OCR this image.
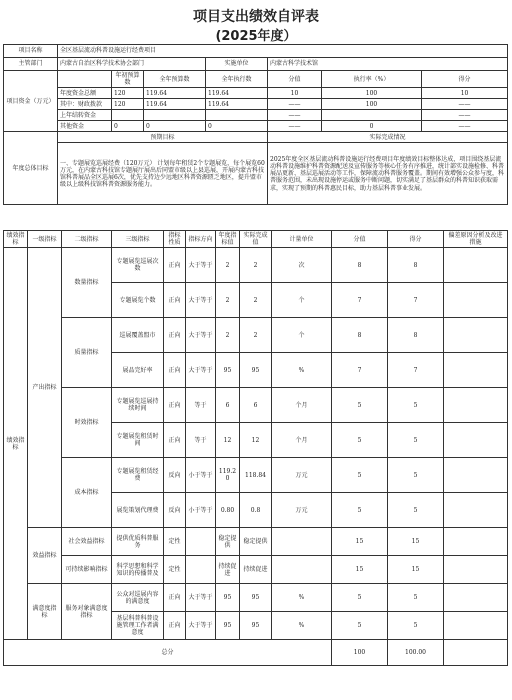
项目支出绩效自评表
(2025年度）
项目名称	全区基层流动科普设施运行经费项目						
主管部门	内蒙古自治区科学技术协会部门			实施单位	内蒙古科学技术馆		
项目资金（万元）		年初预算数	全年预算数	全年执行数	分值	执行率（%）	得分
	年度资金总额	120	119.64	119.64	10	100	10
	其中：财政拨款	120	119.64	119.64	——	100	——
	上年结转资金				——		——
	其他资金	0	0	0	——	0	——
年度总体目标	预期目标				实际完成情况		
	一、专题展览巡展经费（120万元） 计划每年租赁2个专题展览，每个展览60万元，在内蒙古科技馆专题展厅展出后同盟市级以上县巡展，开展内蒙古科技馆科普展品全区巡展6次，优先支持边少远地区科普资源匮乏地区，提升盟市级以上级科技馆科普资源服务能力。				2025年度全区基层流动科普设施运行经费项目年度绩效目标整体达成，项目围绕基层流动科普设施维护科普资源配送及宣传服务等核心任务有序推进，统计部实设施检修、科普展品更新、基层巡展活动等工作，保障流动科普服务覆盖。期间有效增强公众参与度，科普服务范围，未出现设施停运或服务中断问题，切实满足了基层群众的科普知识获取需求，实现了预期的科普惠民目标，助力基层科普事业发展。		
绩效指标	一级指标	二级指标	三级指标	指标性质	指标方向	年度指标值	实际完成值	计量单位	分值	得分	偏差原因分析及改进措施
绩效指标	产出指标	数量指标	专题展览巡展次数	正向	大于等于	2	2	次	8	8	
			专题展览个数	正向	大于等于	2	2	个	7	7	
		质量指标	巡展覆盖盟市	正向	大于等于	2	2	个	8	8	
			展品完好率	正向	大于等于	95	95	%	7	7	
		时效指标	专题展览巡展持续时间	正向	等于	6	6	个月	5	5	
			专题展览租赁时间	正向	等于	12	12	个月	5	5	
		成本指标	专题展览租赁经费	反向	小于等于	119.20	118.84	万元	5	5	
			展览策划代理费	反向	小于等于	0.80	0.8	万元	5	5	
	效益指标	社会效益指标	提供优质科普服务	定性		稳定提供	稳定提供		15	15	
		可持续影响指标	科学思想和科学知识的传播普及	定性		持续促进	持续促进		15	15	
	满意度指标	服务对象满意度指标	公众对巡展内容的满意度	正向	大于等于	95	95	%	5	5	
			基层科普科普设施管理工作者满意度	正向	大于等于	95	95	%	5	5	
总分									100	100.00	
